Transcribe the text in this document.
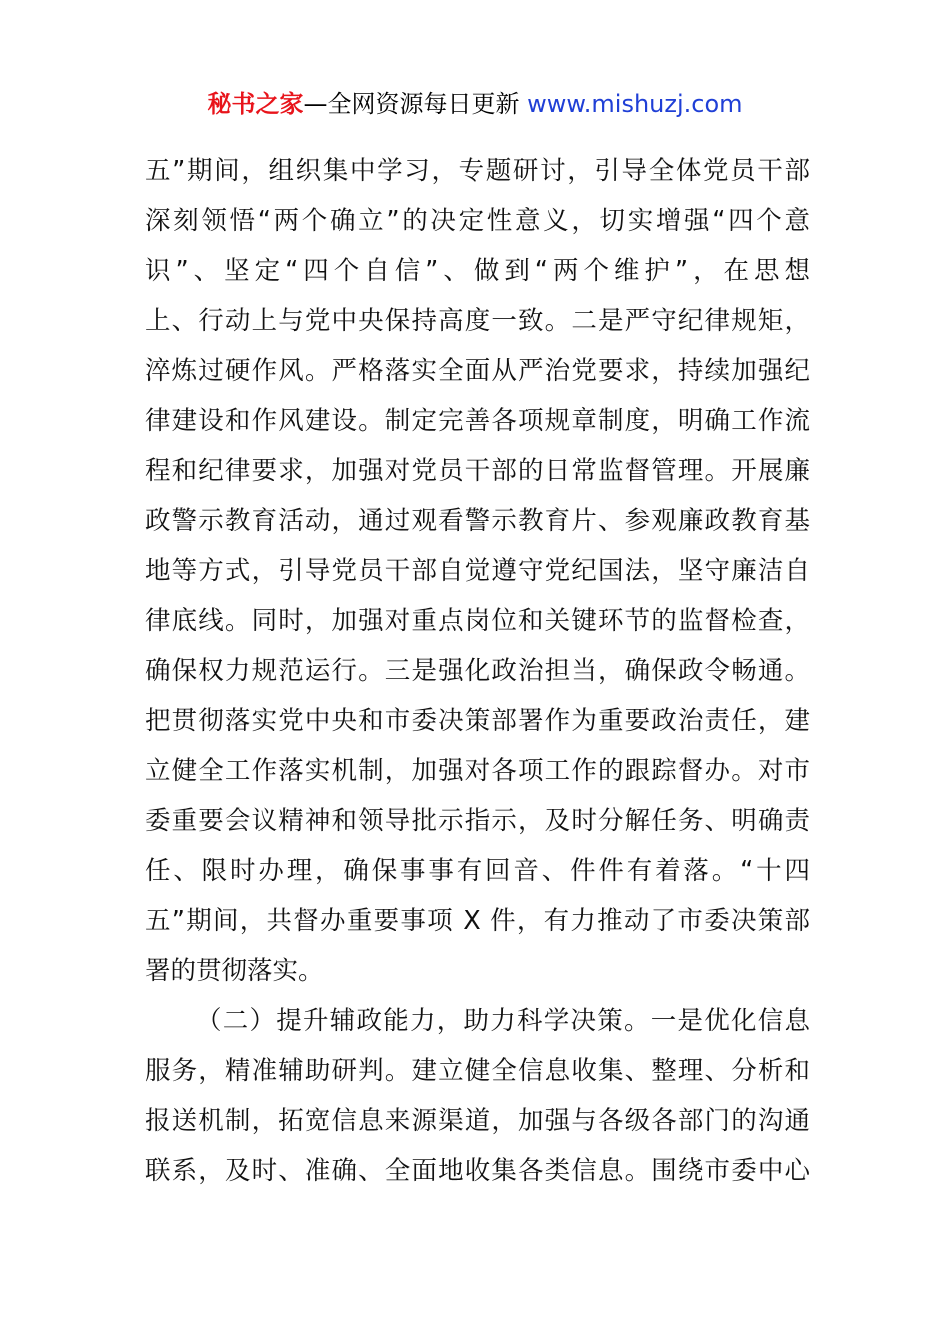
秘书之家—全网资源每日更新 www.mishuzj.com
五”期间，组织集中学习，专题研讨，引导全体党员干部
深刻领悟“两个确立”的决定性意义，切实增强“四个意
识”、坚定“四个自信”、做到“两个维护”，在思想
上、行动上与党中央保持高度一致。二是严守纪律规矩，
淬炼过硬作风。严格落实全面从严治党要求，持续加强纪
律建设和作风建设。制定完善各项规章制度，明确工作流
程和纪律要求，加强对党员干部的日常监督管理。开展廉
政警示教育活动，通过观看警示教育片、参观廉政教育基
地等方式，引导党员干部自觉遵守党纪国法，坚守廉洁自
律底线。同时，加强对重点岗位和关键环节的监督检查，
确保权力规范运行。三是强化政治担当，确保政令畅通。
把贯彻落实党中央和市委决策部署作为重要政治责任，建
立健全工作落实机制，加强对各项工作的跟踪督办。对市
委重要会议精神和领导批示指示，及时分解任务、明确责
任、限时办理，确保事事有回音、件件有着落。“十四
五”期间，共督办重要事项 X 件，有力推动了市委决策部
署的贯彻落实。
（二）提升辅政能力，助力科学决策。一是优化信息
服务，精准辅助研判。建立健全信息收集、整理、分析和
报送机制，拓宽信息来源渠道，加强与各级各部门的沟通
联系，及时、准确、全面地收集各类信息。围绕市委中心
